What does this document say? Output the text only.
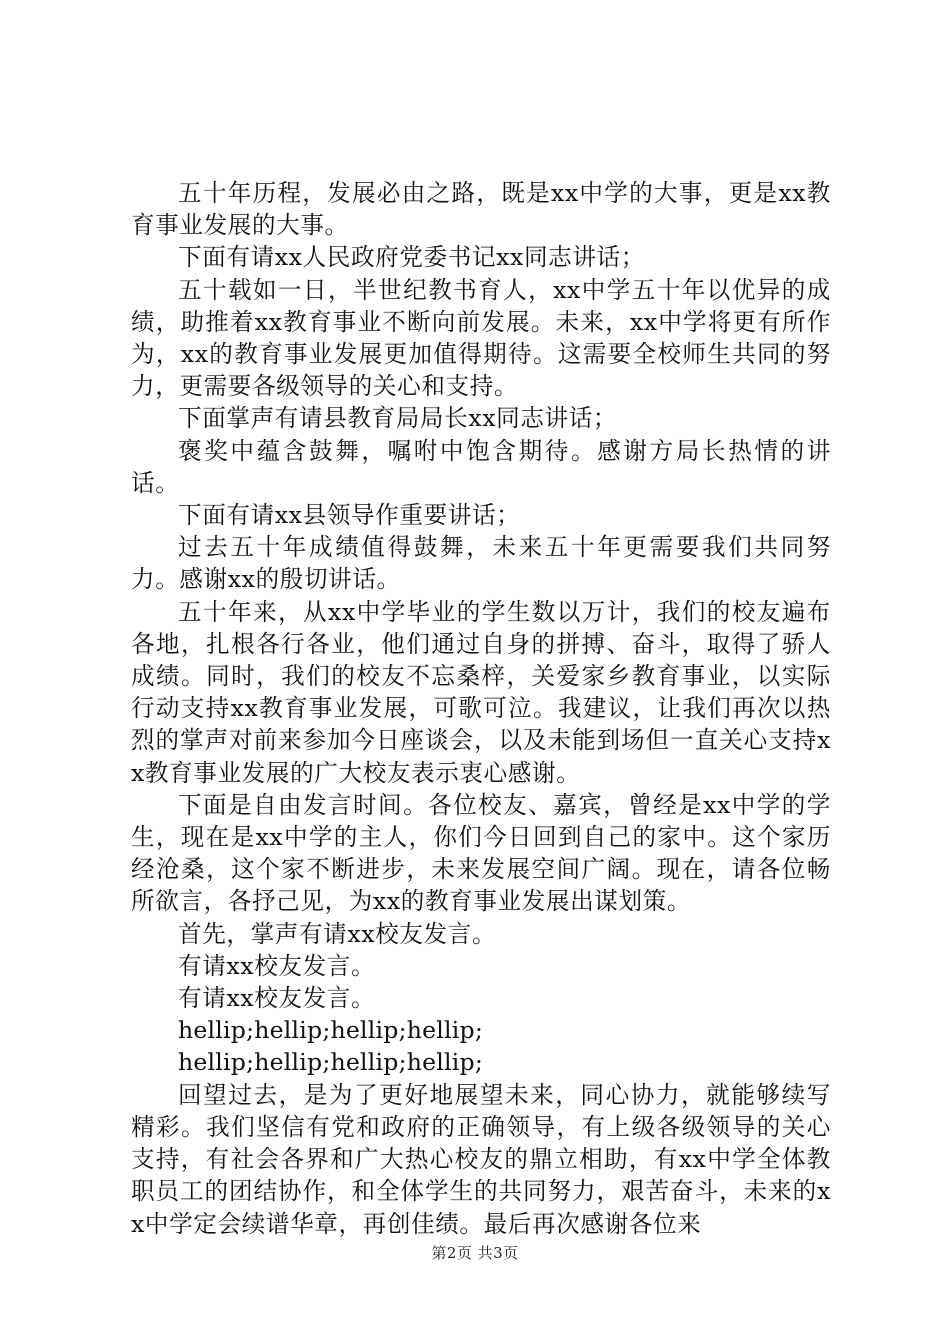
五十年历程，发展必由之路，既是xx中学的大事，更是xx教育事业发展的大事。

下面有请xx人民政府党委书记xx同志讲话；

五十载如一日，半世纪教书育人，xx中学五十年以优异的成绩，助推着xx教育事业不断向前发展。未来，xx中学将更有所作为，xx的教育事业发展更加值得期待。这需要全校师生共同的努力，更需要各级领导的关心和支持。

下面掌声有请县教育局局长xx同志讲话；

褒奖中蕴含鼓舞，嘱咐中饱含期待。感谢方局长热情的讲话。

下面有请xx县领导作重要讲话；

过去五十年成绩值得鼓舞，未来五十年更需要我们共同努力。感谢xx的殷切讲话。

五十年来，从xx中学毕业的学生数以万计，我们的校友遍布各地，扎根各行各业，他们通过自身的拼搏、奋斗，取得了骄人成绩。同时，我们的校友不忘桑梓，关爱家乡教育事业，以实际行动支持xx教育事业发展，可歌可泣。我建议，让我们再次以热烈的掌声对前来参加今日座谈会，以及未能到场但一直关心支持xx教育事业发展的广大校友表示衷心感谢。

下面是自由发言时间。各位校友、嘉宾，曾经是xx中学的学生，现在是xx中学的主人，你们今日回到自己的家中。这个家历经沧桑，这个家不断进步，未来发展空间广阔。现在，请各位畅所欲言，各抒己见，为xx的教育事业发展出谋划策。

首先，掌声有请xx校友发言。

有请xx校友发言。

有请xx校友发言。

hellip;hellip;hellip;hellip;

hellip;hellip;hellip;hellip;

回望过去，是为了更好地展望未来，同心协力，就能够续写精彩。我们坚信有党和政府的正确领导，有上级各级领导的关心支持，有社会各界和广大热心校友的鼎立相助，有xx中学全体教职员工的团结协作，和全体学生的共同努力，艰苦奋斗，未来的xx中学定会续谱华章，再创佳绩。最后再次感谢各位来

第2页 共3页
